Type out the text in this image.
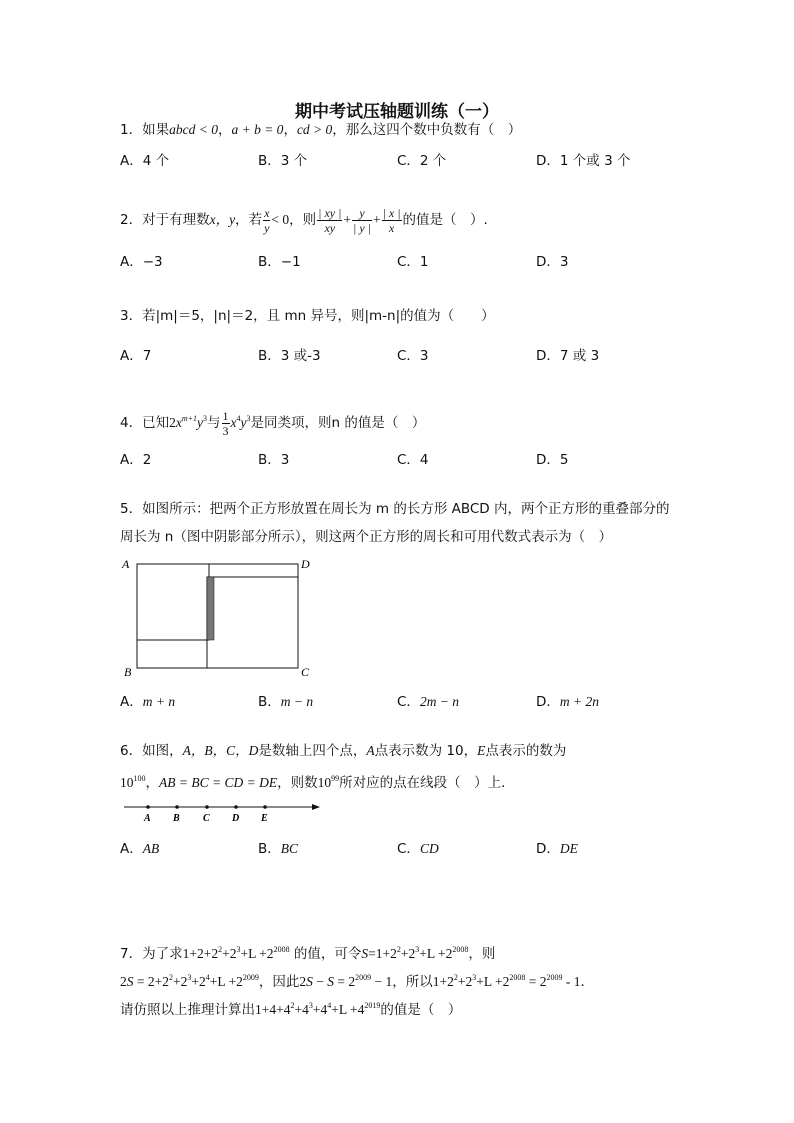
期中考试压轴题训练（一）
1．如果abcd < 0，a + b = 0，cd > 0，那么这四个数中负数有（　）
A．4 个	B．3 个	C．2 个	D．1 个或 3 个
2．对于有理数x，y，若 $\frac{x}{y} < 0$，则 $\frac{| xy |}{xy} + \frac{y}{| y |} + \frac{| x |}{x}$ 的值是（　）.
A．−3	B．−1	C．1	D．3
3．若|m|＝5，|n|＝2，且 mn 异号，则|m-n|的值为（　　）
A．7	B．3 或-3	C．3	D．7 或 3
4．已知$2x^{m+1}y^3$与 $\frac{1}{3} x^4y^3$是同类项，则n 的值是（　）
A．2	B．3	C．4	D．5
5．如图所示：把两个正方形放置在周长为 m 的长方形 ABCD 内，两个正方形的重叠部分的
周长为 n（图中阴影部分所示），则这两个正方形的周长和可用代数式表示为（　）
A
B	C
D
A．m + n	B．m − n	C．2m − n	D．m + 2n
6．如图，A，B，C，D是数轴上四个点，A点表示数为 10，E点表示的数为
$10^{100}$，AB = BC = CD = DE，则数$10^{99}$所对应的点在线段（　）上．
A B C D E
A．AB	B．BC	C．CD	D．DE
7．为了求$1+2+2^2+2^3+L +2^{2008}$ 的值，可令$S=1+2^2+2^3+L +2^{2008}$，则
$2S = 2+2^2+2^3+2^4+L +2^{2009}$，因此$2S - S = 2^{2009} - 1$，所以$1+2^2+2^3+L +2^{2008} = 2^{2009} - 1$．
请仿照以上推理计算出$1+4+4^2+4^3+4^4+L +4^{2019}$的值是（　）
